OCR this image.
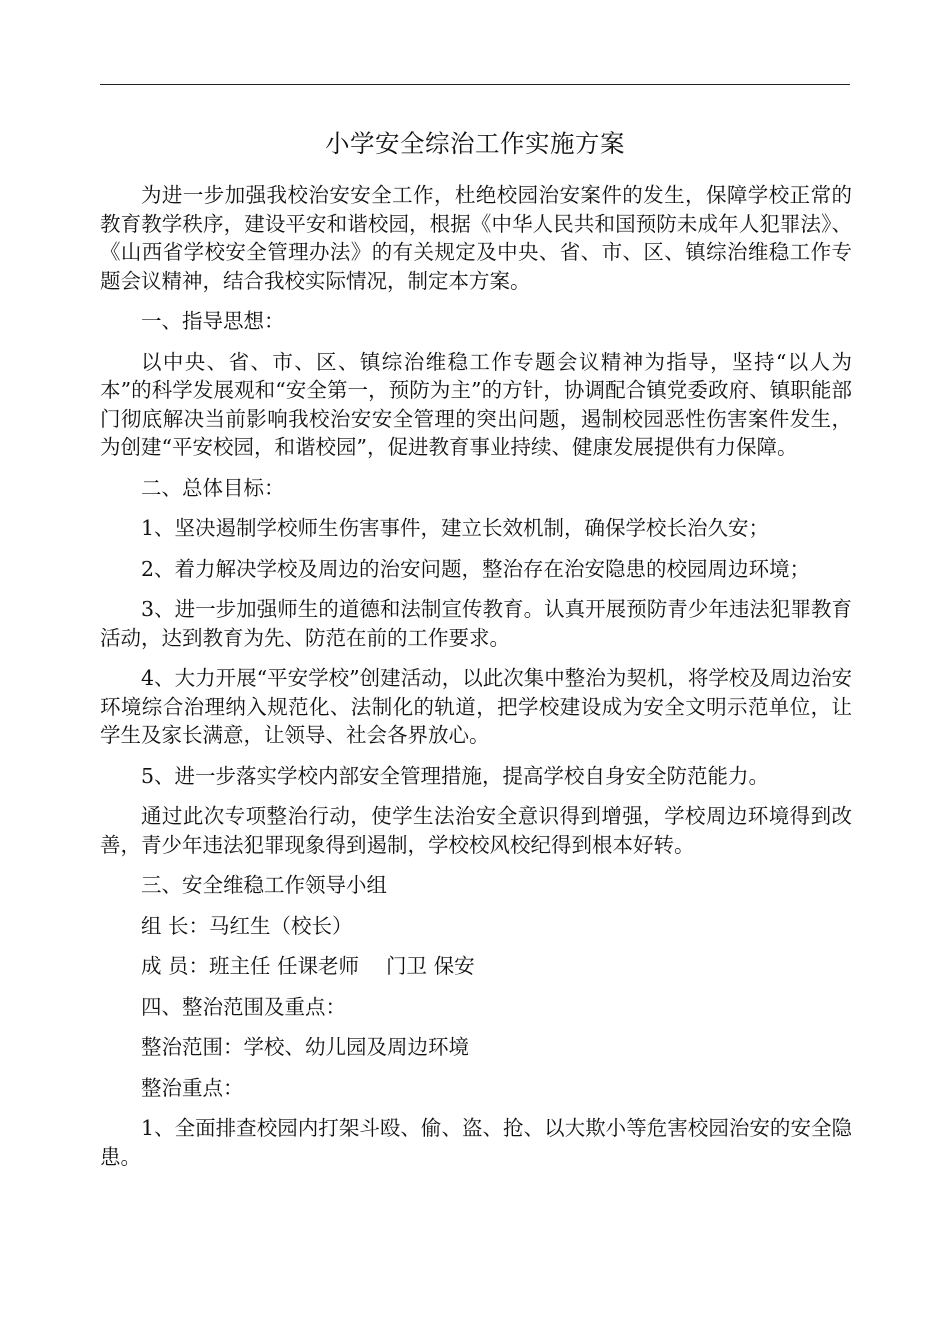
小学安全综治工作实施方案

为进一步加强我校治安安全工作，杜绝校园治安案件的发生，保障学校正常的教育教学秩序，建设平安和谐校园，根据《中华人民共和国预防未成年人犯罪法》、《山西省学校安全管理办法》的有关规定及中央、省、市、区、镇综治维稳工作专题会议精神，结合我校实际情况，制定本方案。

一、指导思想：

以中央、省、市、区、镇综治维稳工作专题会议精神为指导，坚持“以人为本”的科学发展观和“安全第一，预防为主”的方针，协调配合镇党委政府、镇职能部门彻底解决当前影响我校治安安全管理的突出问题，遏制校园恶性伤害案件发生，为创建“平安校园，和谐校园”，促进教育事业持续、健康发展提供有力保障。

二、总体目标：

1、坚决遏制学校师生伤害事件，建立长效机制，确保学校长治久安；

2、着力解决学校及周边的治安问题，整治存在治安隐患的校园周边环境；

3、进一步加强师生的道德和法制宣传教育。认真开展预防青少年违法犯罪教育活动，达到教育为先、防范在前的工作要求。

4、大力开展“平安学校”创建活动，以此次集中整治为契机，将学校及周边治安环境综合治理纳入规范化、法制化的轨道，把学校建设成为安全文明示范单位，让学生及家长满意，让领导、社会各界放心。

5、进一步落实学校内部安全管理措施，提高学校自身安全防范能力。

通过此次专项整治行动，使学生法治安全意识得到增强，学校周边环境得到改善，青少年违法犯罪现象得到遏制，学校校风校纪得到根本好转。

三、安全维稳工作领导小组

组 长：马红生（校长）

成 员：班主任 任课老师　 门卫 保安

四、整治范围及重点：

整治范围：学校、幼儿园及周边环境

整治重点：

1、全面排查校园内打架斗殴、偷、盗、抢、以大欺小等危害校园治安的安全隐患。
